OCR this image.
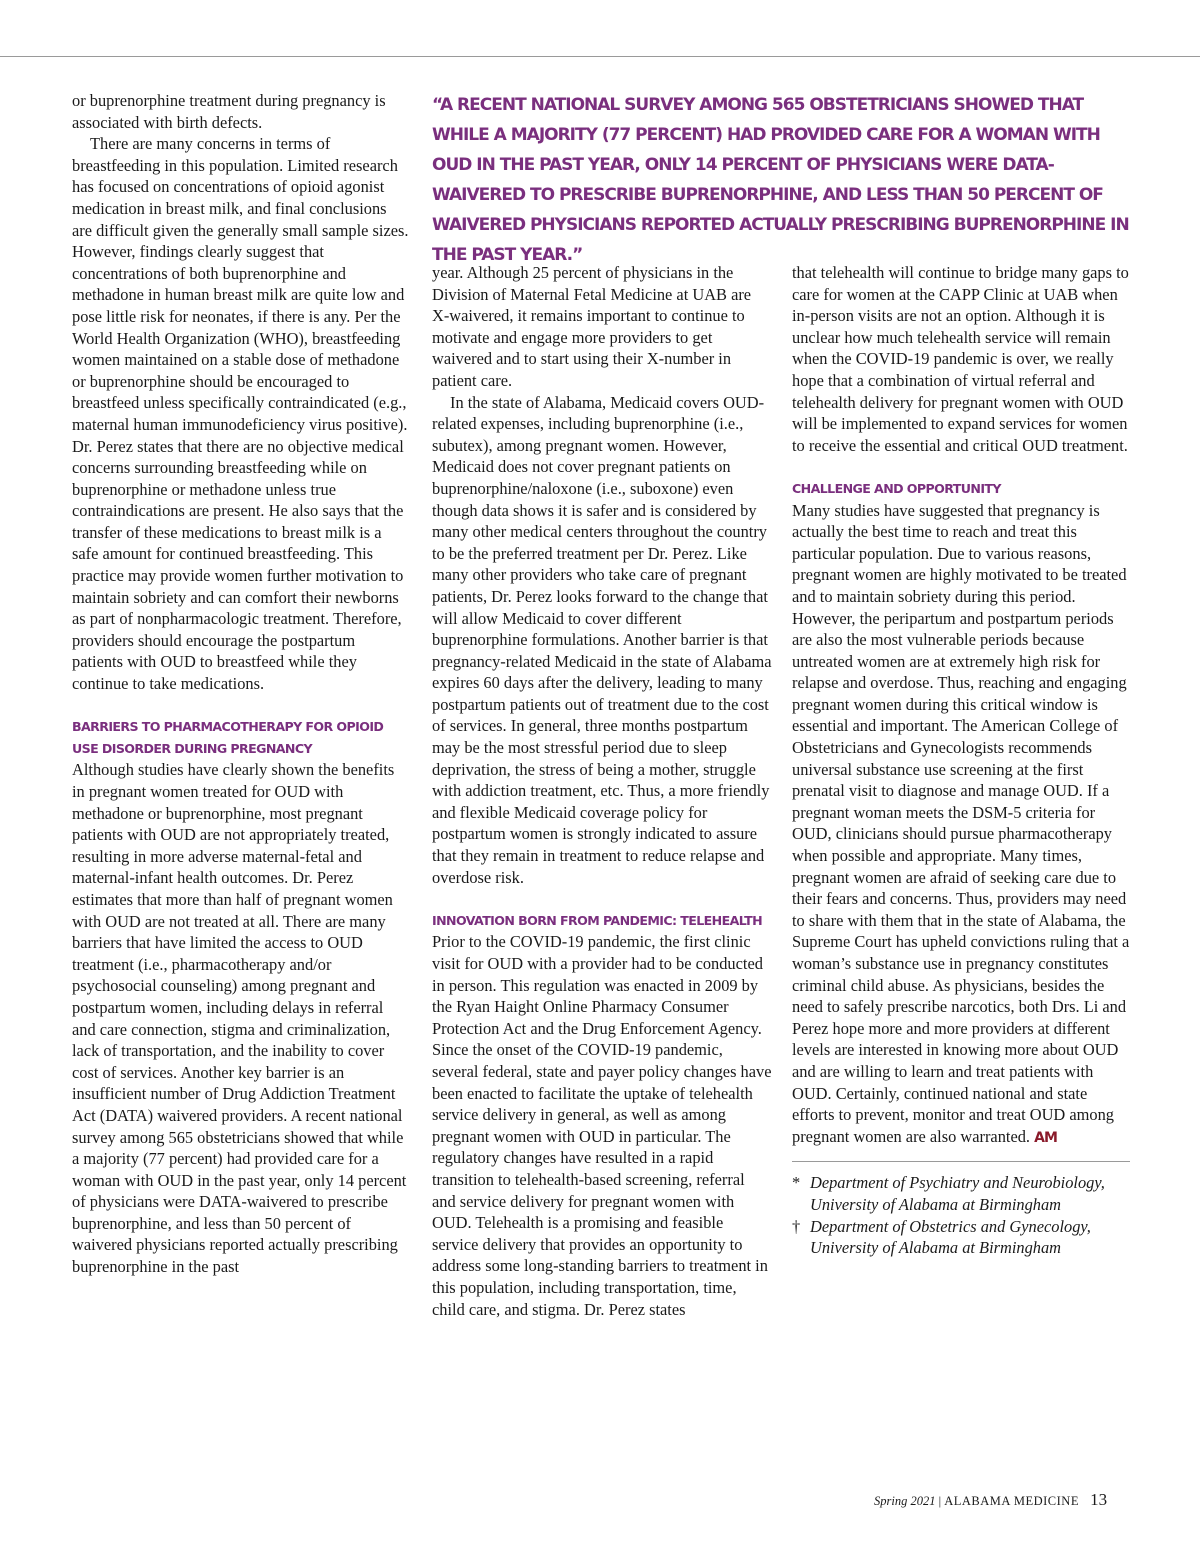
“A RECENT NATIONAL SURVEY AMONG 565 OBSTETRICIANS SHOWED THAT WHILE A MAJORITY (77 PERCENT) HAD PROVIDED CARE FOR A WOMAN WITH OUD IN THE PAST YEAR, ONLY 14 PERCENT OF PHYSICIANS WERE DATA-WAIVERED TO PRESCRIBE BUPRENORPHINE, AND LESS THAN 50 PERCENT OF WAIVERED PHYSICIANS REPORTED ACTUALLY PRESCRIBING BUPRENORPHINE IN THE PAST YEAR.”

or buprenorphine treatment during pregnancy is associated with birth defects.

There are many concerns in terms of breastfeeding in this population. Limited research has focused on concentrations of opioid agonist medication in breast milk, and final conclusions are difficult given the generally small sample sizes. However, findings clearly suggest that concentrations of both buprenorphine and methadone in human breast milk are quite low and pose little risk for neonates, if there is any. Per the World Health Organization (WHO), breastfeeding women maintained on a stable dose of methadone or buprenorphine should be encouraged to breastfeed unless specifically contraindicated (e.g., maternal human immunodeficiency virus positive). Dr. Perez states that there are no objective medical concerns surrounding breastfeeding while on buprenorphine or methadone unless true contraindications are present. He also says that the transfer of these medications to breast milk is a safe amount for continued breastfeeding. This practice may provide women further motivation to maintain sobriety and can comfort their newborns as part of nonpharmacologic treatment. Therefore, providers should encourage the postpartum patients with OUD to breastfeed while they continue to take medications.

BARRIERS TO PHARMACOTHERAPY FOR OPIOID USE DISORDER DURING PREGNANCY

Although studies have clearly shown the benefits in pregnant women treated for OUD with methadone or buprenorphine, most pregnant patients with OUD are not appropriately treated, resulting in more adverse maternal-fetal and maternal-infant health outcomes. Dr. Perez estimates that more than half of pregnant women with OUD are not treated at all. There are many barriers that have limited the access to OUD treatment (i.e., pharmacotherapy and/or psychosocial counseling) among pregnant and postpartum women, including delays in referral and care connection, stigma and criminalization, lack of transportation, and the inability to cover cost of services. Another key barrier is an insufficient number of Drug Addiction Treatment Act (DATA) waivered providers. A recent national survey among 565 obstetricians showed that while a majority (77 percent) had provided care for a woman with OUD in the past year, only 14 percent of physicians were DATA-waivered to prescribe buprenorphine, and less than 50 percent of waivered physicians reported actually prescribing buprenorphine in the past

year. Although 25 percent of physicians in the Division of Maternal Fetal Medicine at UAB are X-waivered, it remains important to continue to motivate and engage more providers to get waivered and to start using their X-number in patient care.

In the state of Alabama, Medicaid covers OUD-related expenses, including buprenorphine (i.e., subutex), among pregnant women. However, Medicaid does not cover pregnant patients on buprenorphine/naloxone (i.e., suboxone) even though data shows it is safer and is considered by many other medical centers throughout the country to be the preferred treatment per Dr. Perez. Like many other providers who take care of pregnant patients, Dr. Perez looks forward to the change that will allow Medicaid to cover different buprenorphine formulations. Another barrier is that pregnancy-related Medicaid in the state of Alabama expires 60 days after the delivery, leading to many postpartum patients out of treatment due to the cost of services. In general, three months postpartum may be the most stressful period due to sleep deprivation, the stress of being a mother, struggle with addiction treatment, etc. Thus, a more friendly and flexible Medicaid coverage policy for postpartum women is strongly indicated to assure that they remain in treatment to reduce relapse and overdose risk.

INNOVATION BORN FROM PANDEMIC: TELEHEALTH

Prior to the COVID-19 pandemic, the first clinic visit for OUD with a provider had to be conducted in person. This regulation was enacted in 2009 by the Ryan Haight Online Pharmacy Consumer Protection Act and the Drug Enforcement Agency. Since the onset of the COVID-19 pandemic, several federal, state and payer policy changes have been enacted to facilitate the uptake of telehealth service delivery in general, as well as among pregnant women with OUD in particular. The regulatory changes have resulted in a rapid transition to telehealth-based screening, referral and service delivery for pregnant women with OUD. Telehealth is a promising and feasible service delivery that provides an opportunity to address some long-standing barriers to treatment in this population, including transportation, time, child care, and stigma. Dr. Perez states

that telehealth will continue to bridge many gaps to care for women at the CAPP Clinic at UAB when in-person visits are not an option. Although it is unclear how much telehealth service will remain when the COVID-19 pandemic is over, we really hope that a combination of virtual referral and telehealth delivery for pregnant women with OUD will be implemented to expand services for women to receive the essential and critical OUD treatment.

CHALLENGE AND OPPORTUNITY

Many studies have suggested that pregnancy is actually the best time to reach and treat this particular population. Due to various reasons, pregnant women are highly motivated to be treated and to maintain sobriety during this period. However, the peripartum and postpartum periods are also the most vulnerable periods because untreated women are at extremely high risk for relapse and overdose. Thus, reaching and engaging pregnant women during this critical window is essential and important. The American College of Obstetricians and Gynecologists recommends universal substance use screening at the first prenatal visit to diagnose and manage OUD. If a pregnant woman meets the DSM-5 criteria for OUD, clinicians should pursue pharmacotherapy when possible and appropriate. Many times, pregnant women are afraid of seeking care due to their fears and concerns. Thus, providers may need to share with them that in the state of Alabama, the Supreme Court has upheld convictions ruling that a woman’s substance use in pregnancy constitutes criminal child abuse. As physicians, besides the need to safely prescribe narcotics, both Drs. Li and Perez hope more and more providers at different levels are interested in knowing more about OUD and are willing to learn and treat patients with OUD. Certainly, continued national and state efforts to prevent, monitor and treat OUD among pregnant women are also warranted. AM

* Department of Psychiatry and Neurobiology, University of Alabama at Birmingham
† Department of Obstetrics and Gynecology, University of Alabama at Birmingham
Spring 2021 | ALABAMA MEDICINE 13
